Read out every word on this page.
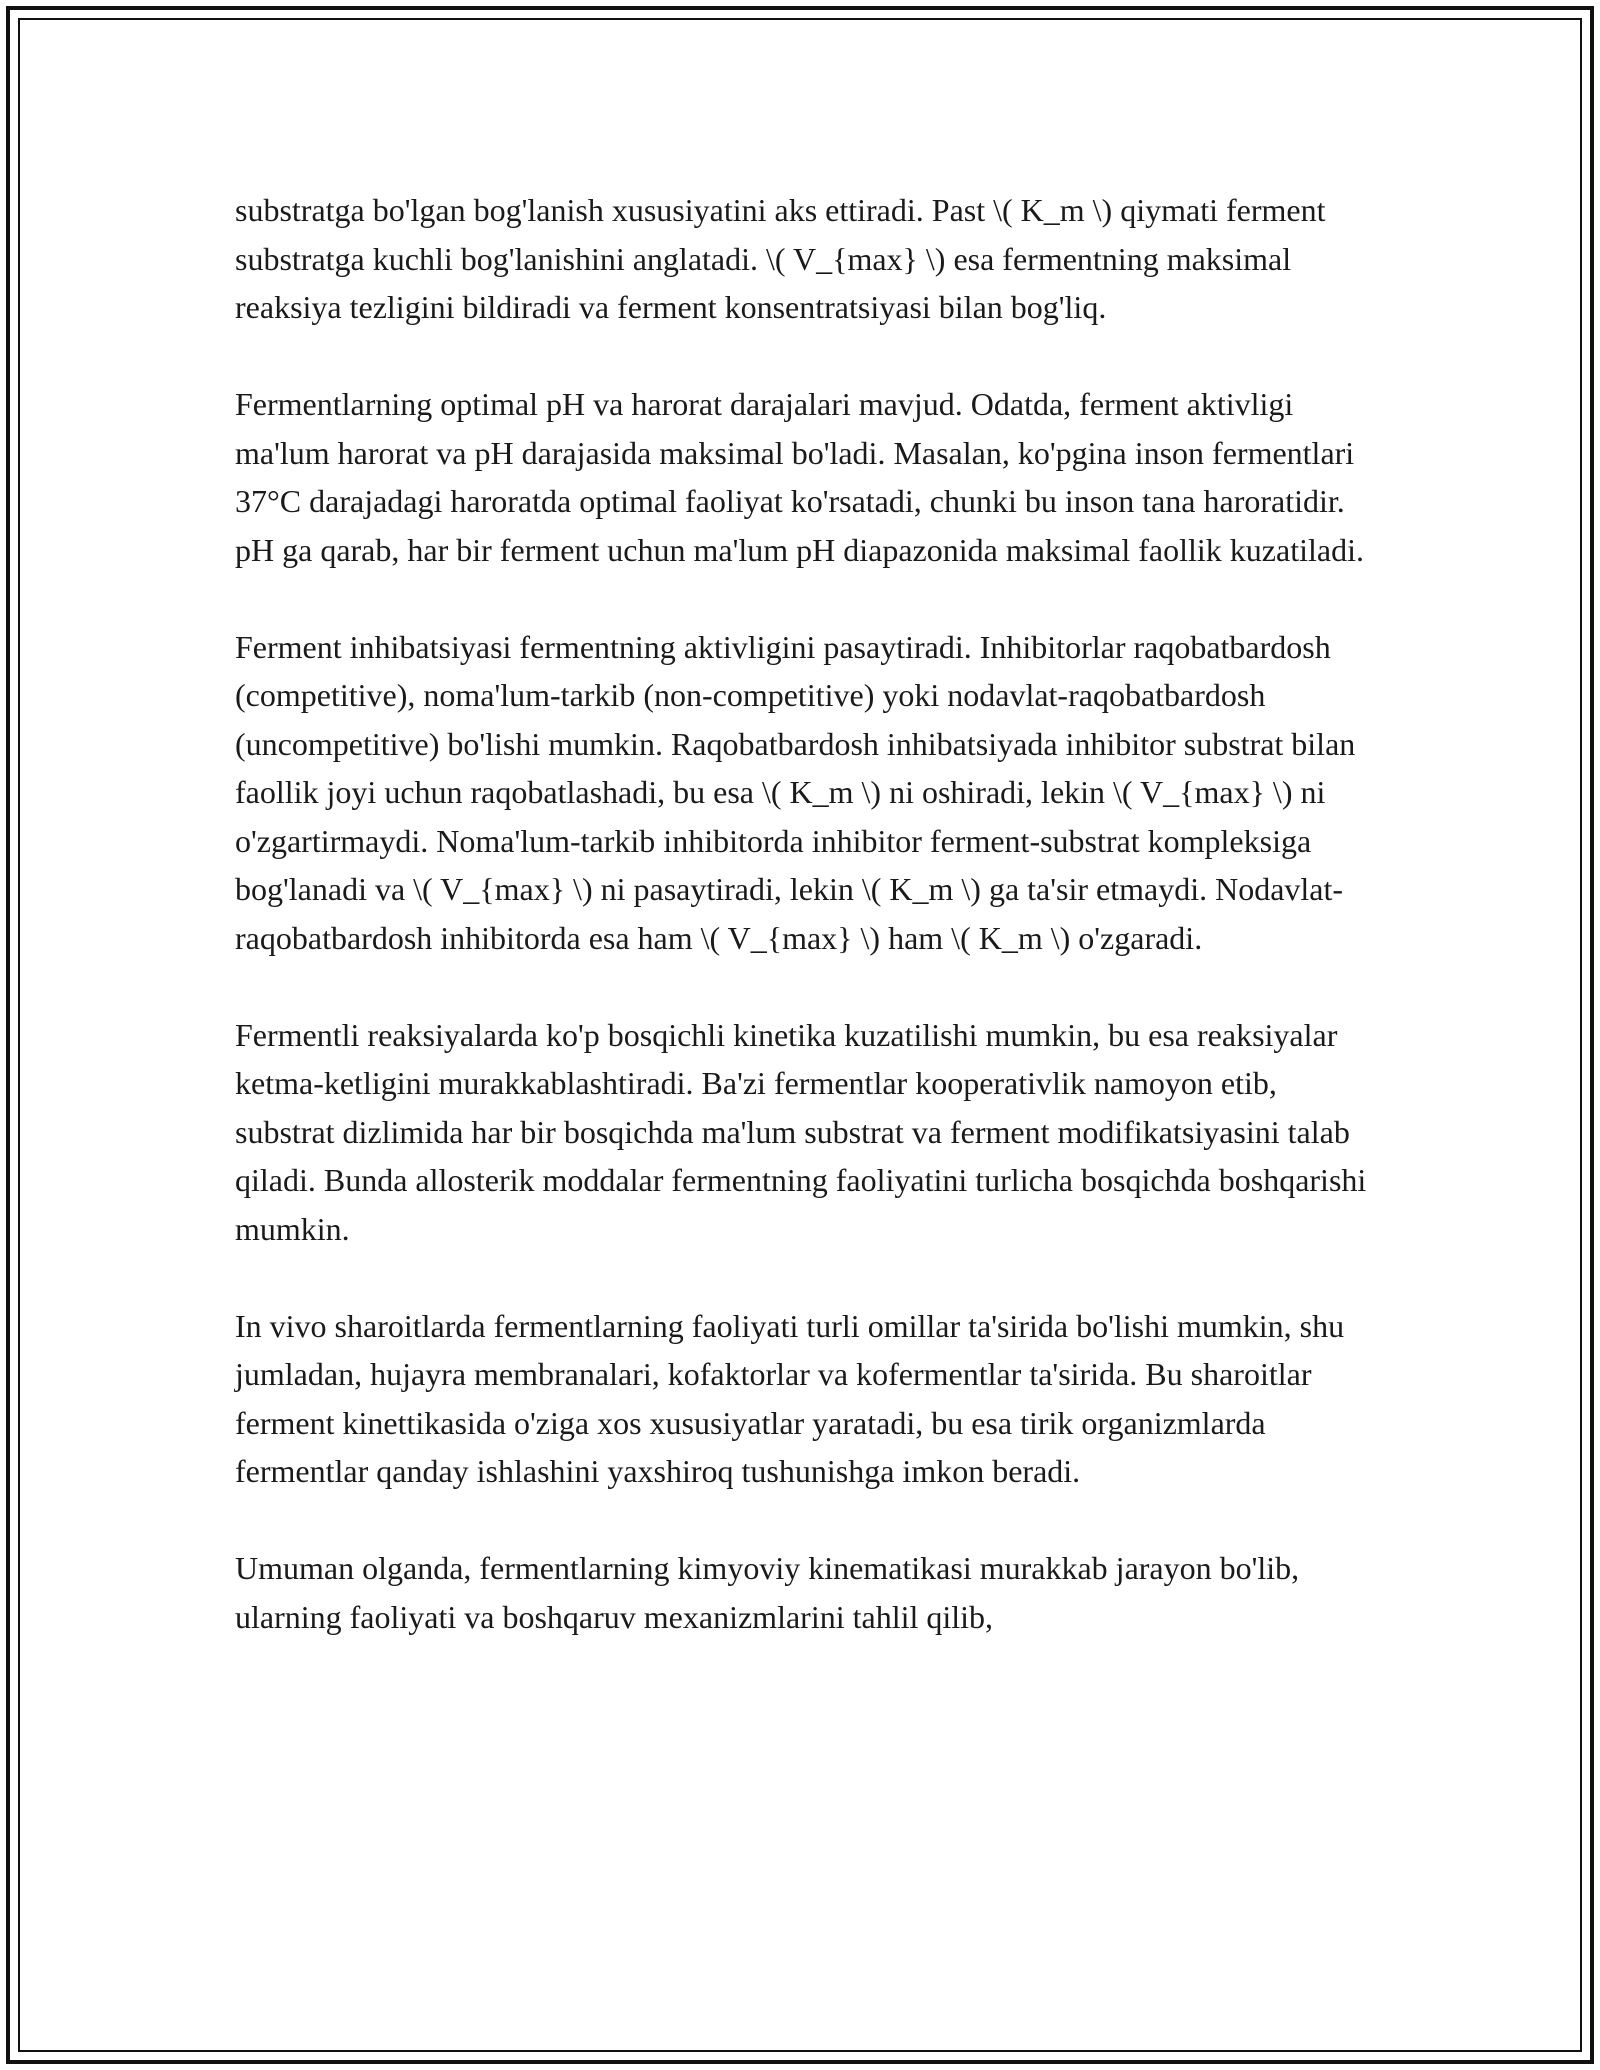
substratga bo'lgan bog'lanish xususiyatini aks ettiradi. Past \( K_m \) qiymati ferment substratga kuchli bog'lanishini anglatadi. \( V_{max} \) esa fermentning maksimal reaksiya tezligini bildiradi va ferment konsentratsiyasi bilan bog'liq.

Fermentlarning optimal pH va harorat darajalari mavjud. Odatda, ferment aktivligi ma'lum harorat va pH darajasida maksimal bo'ladi. Masalan, ko'pgina inson fermentlari 37°C darajadagi haroratda optimal faoliyat ko'rsatadi, chunki bu inson tana haroratidir. pH ga qarab, har bir ferment uchun ma'lum pH diapazonida maksimal faollik kuzatiladi.

Ferment inhibatsiyasi fermentning aktivligini pasaytiradi. Inhibitorlar raqobatbardosh (competitive), noma'lum-tarkib (non-competitive) yoki nodavlat-raqobatbardosh (uncompetitive) bo'lishi mumkin. Raqobatbardosh inhibatsiyada inhibitor substrat bilan faollik joyi uchun raqobatlashadi, bu esa \( K_m \) ni oshiradi, lekin \( V_{max} \) ni o'zgartirmaydi. Noma'lum-tarkib inhibitorda inhibitor ferment-substrat kompleksiga bog'lanadi va \( V_{max} \) ni pasaytiradi, lekin \( K_m \) ga ta'sir etmaydi. Nodavlat-raqobatbardosh inhibitorda esa ham \( V_{max} \) ham \( K_m \) o'zgaradi.

Fermentli reaksiyalarda ko'p bosqichli kinetika kuzatilishi mumkin, bu esa reaksiyalar ketma-ketligini murakkablashtiradi. Ba'zi fermentlar kooperativlik namoyon etib, substrat dizlimida har bir bosqichda ma'lum substrat va ferment modifikatsiyasini talab qiladi. Bunda allosterik moddalar fermentning faoliyatini turlicha bosqichda boshqarishi mumkin.

In vivo sharoitlarda fermentlarning faoliyati turli omillar ta'sirida bo'lishi mumkin, shu jumladan, hujayra membranalari, kofaktorlar va kofermentlar ta'sirida. Bu sharoitlar ferment kinettikasida o'ziga xos xususiyatlar yaratadi, bu esa tirik organizmlarda fermentlar qanday ishlashini yaxshiroq tushunishga imkon beradi.

Umuman olganda, fermentlarning kimyoviy kinematikasi murakkab jarayon bo'lib, ularning faoliyati va boshqaruv mexanizmlarini tahlil qilib,
